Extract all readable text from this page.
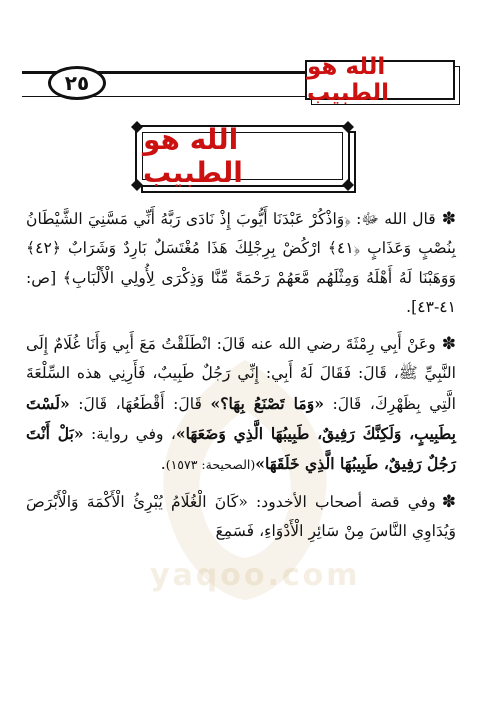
yaqoo.com
٢٥
الله هو الطبيب
الله هو الطبيب

✽قال الله ﷻ: ﴿وَاذْكُرْ عَبْدَنَا أَيُّوبَ إِذْ نَادَى رَبَّهُ أَنِّي مَسَّنِيَ الشَّيْطَانُ بِنُصْبٍ وَعَذَابٍ ﴿٤١﴾ ارْكُضْ بِرِجْلِكَ هَذَا مُغْتَسَلٌ بَارِدٌ وَشَرَابٌ ﴿٤٢﴾ وَوَهَبْنَا لَهُ أَهْلَهُ وَمِثْلَهُم مَّعَهُمْ رَحْمَةً مِّنَّا وَذِكْرَى لِأُولِي الْأَلْبَابِ﴾ [ص: ٤١-٤٣].

✽وعَنْ أَبِي رِمْثَةَ رضي الله عنه قَالَ: انْطَلَقْتُ مَعَ أَبِي وَأَنَا غُلَامٌ إِلَى النَّبِيِّ ﷺ، قَالَ: فَقَالَ لَهُ أَبِي: إِنِّي رَجُلٌ طَبِيبٌ، فَأَرِنِي هذه السِّلْعَةَ الَّتِي بِظَهْرِكَ، قَالَ: «وَمَا تَصْنَعُ بِهَا؟» قَالَ: أَقْطَعُهَا، قَالَ: «لَسْتَ بِطَبِيبٍ، وَلَكِنَّكَ رَفِيقٌ، طَبِيبُهَا الَّذِي وَضَعَهَا»، وفي رواية: «بَلْ أَنْتَ رَجُلٌ رَفِيقٌ، طَبِيبُهَا الَّذِي خَلَقَهَا»(الصحيحة: ١٥٧٣).

✽وفي قصة أصحاب الأخدود: «كَانَ الْغُلَامُ يُبْرِئُ الْأَكْمَهَ وَالْأَبْرَصَ وَيُدَاوِي النَّاسَ مِنْ سَائِرِ الْأَدْوَاءِ، فَسَمِعَ
